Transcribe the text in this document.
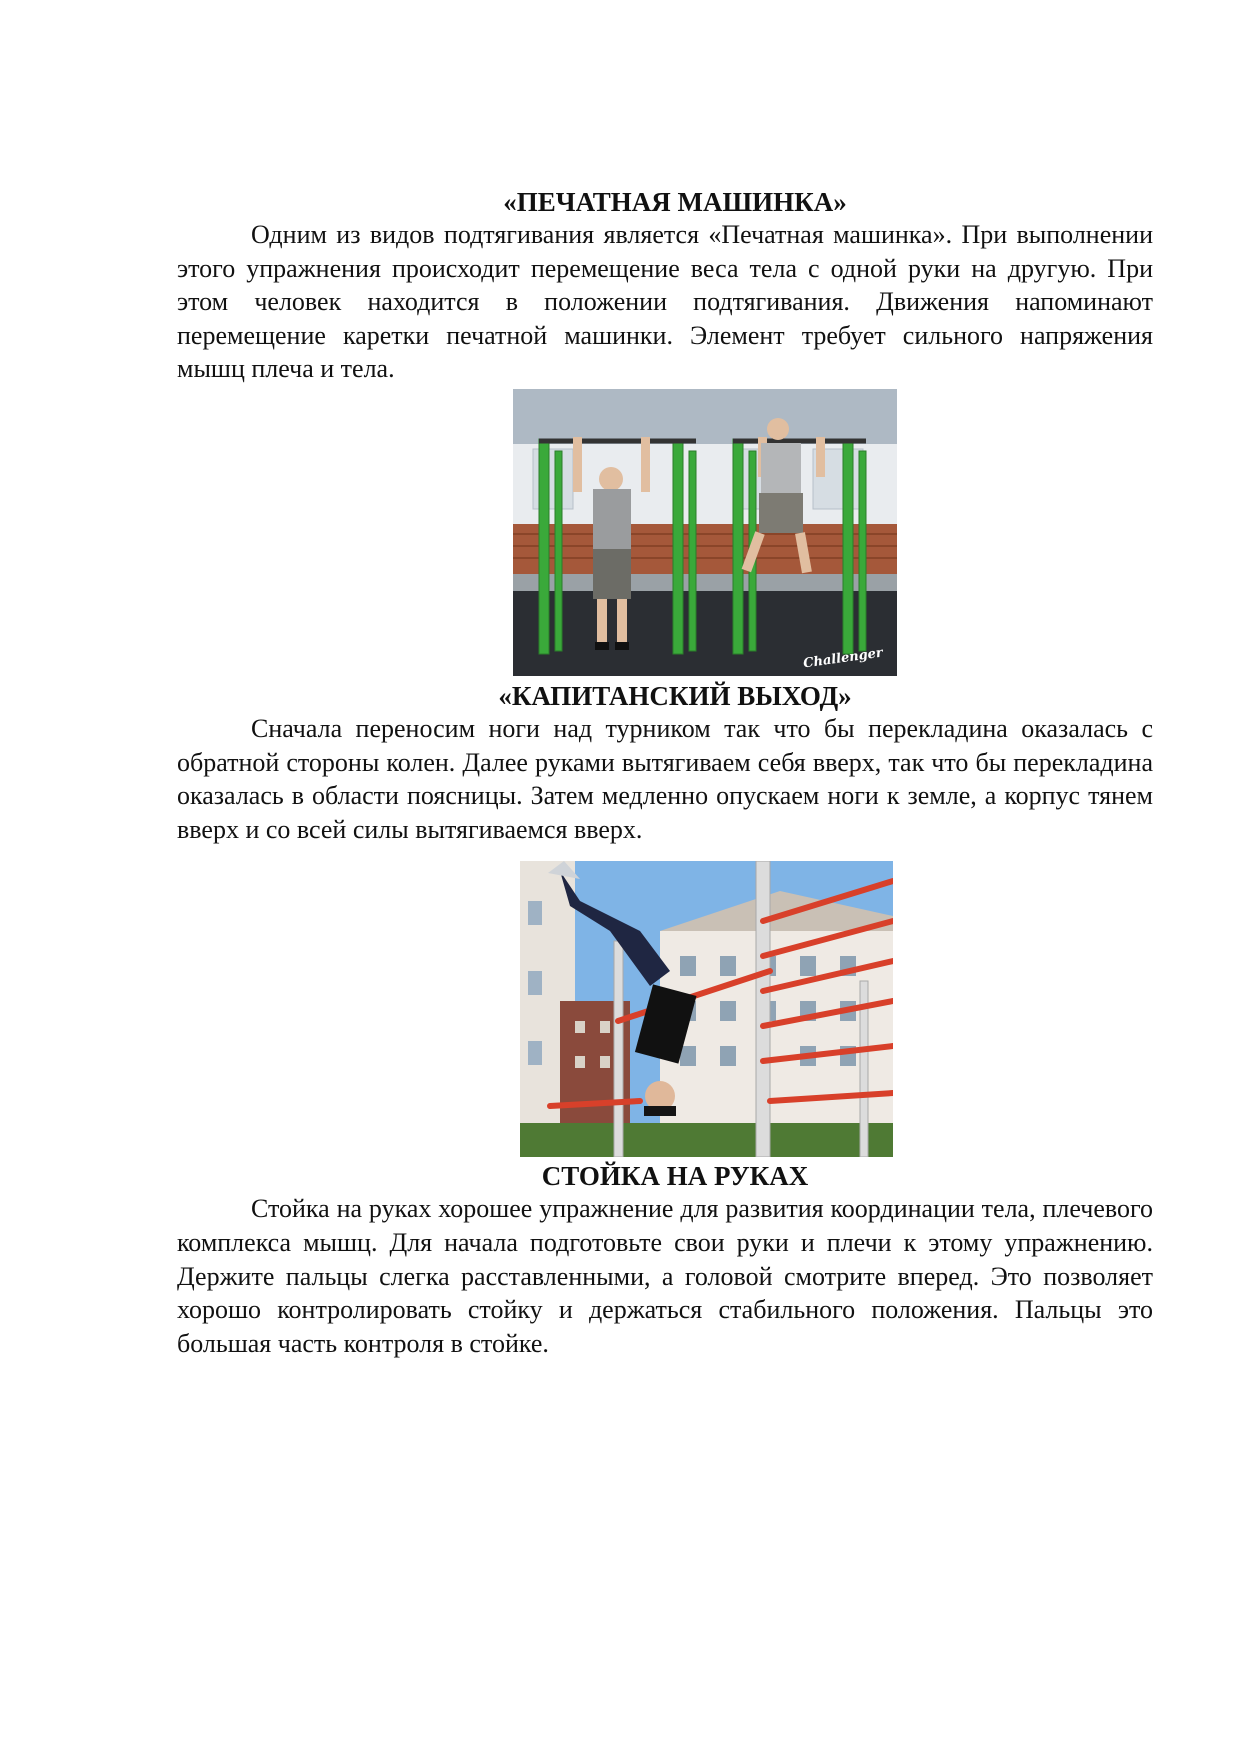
«ПЕЧАТНАЯ МАШИНКА»

Одним из видов подтягивания является «Печатная машинка». При выполнении этого упражнения происходит перемещение веса тела с одной руки на другую. При этом человек находится в положении подтягивания. Движения напоминают перемещение каретки печатной машинки. Элемент требует сильного напряжения мышц плеча и тела.

Challenger
«КАПИТАНСКИЙ ВЫХОД»

Сначала переносим ноги над турником так что бы перекладина оказалась с обратной стороны колен. Далее руками вытягиваем себя вверх, так что бы перекладина оказалась в области поясницы. Затем медленно опускаем ноги к земле, а корпус тянем вверх и со всей силы вытягиваемся вверх.

СТОЙКА НА РУКАХ

Стойка на руках хорошее упражнение для развития координации тела, плечевого комплекса мышц. Для начала подготовьте свои руки и плечи к этому упражнению. Держите пальцы слегка расставленными, а головой смотрите вперед. Это позволяет хорошо контролировать стойку и держаться стабильного положения. Пальцы это большая часть контроля в стойке.
